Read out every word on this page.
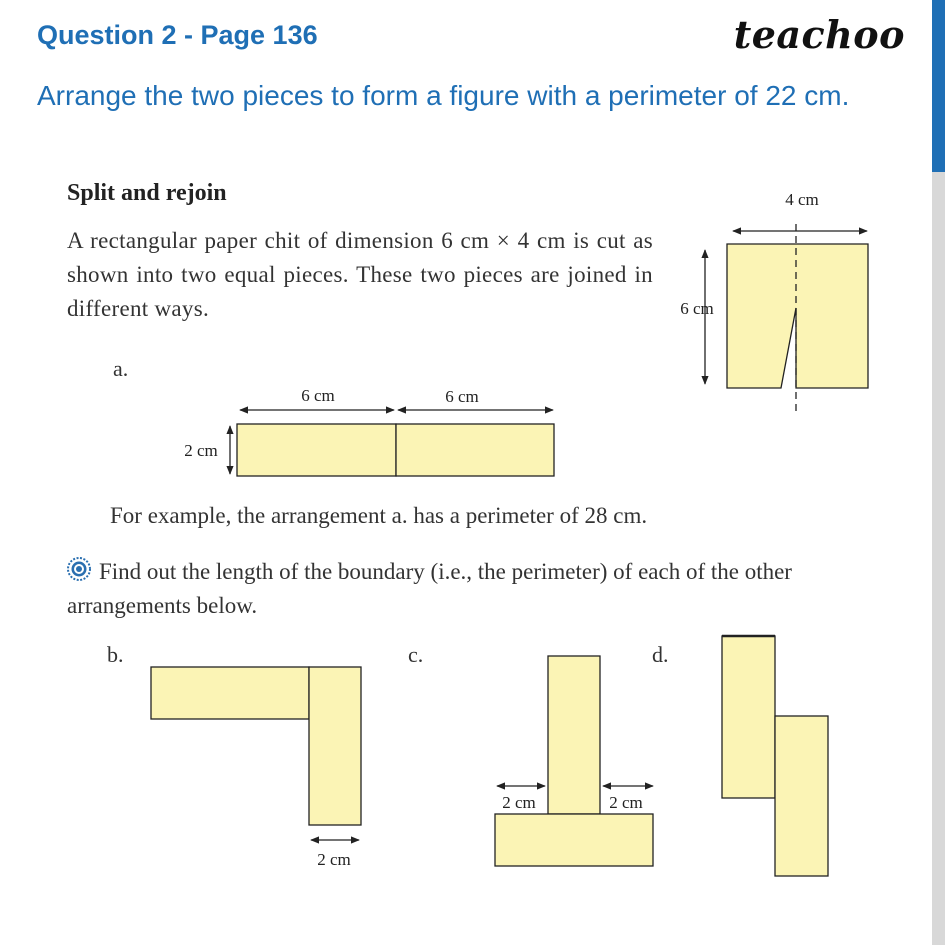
Question 2 - Page 136	teachoo
Arrange the two pieces to form a figure with a perimeter of 22 cm.
Split and rejoin
A rectangular paper chit of dimension 6 cm × 4 cm is cut as shown into two equal pieces. These two pieces are joined in different ways.
a.
For example, the arrangement a. has a perimeter of 28 cm.
Find out the length of the boundary (i.e., the perimeter) of each of the other arrangements below.
b.	c.	d.
4 cm
6 cm
6 cm	6 cm
2 cm
2 cm
2 cm	2 cm
